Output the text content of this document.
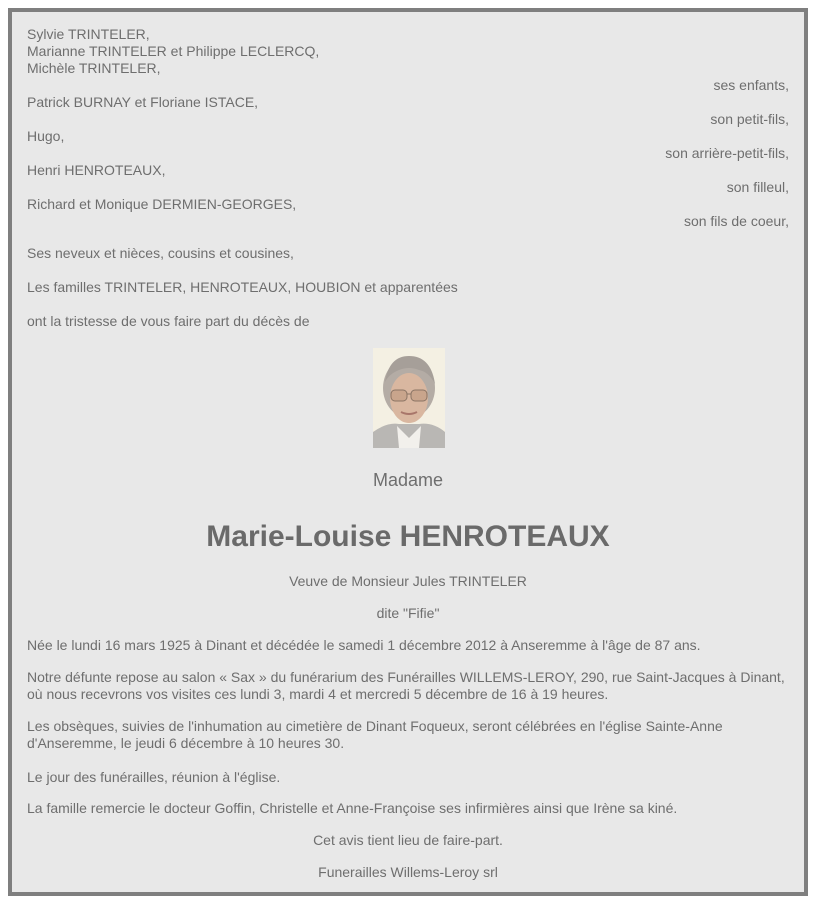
Sylvie TRINTELER,
Marianne TRINTELER et Philippe LECLERCQ,
Michèle TRINTELER,
ses enfants,
Patrick BURNAY et Floriane ISTACE,
son petit-fils,
Hugo,
son arrière-petit-fils,
Henri HENROTEAUX,
son filleul,
Richard et Monique DERMIEN-GEORGES,
son fils de coeur,
Ses neveux et nièces, cousins et cousines,
Les familles TRINTELER, HENROTEAUX, HOUBION et apparentées
ont la tristesse de vous faire part du décès de
Madame
Marie-Louise HENROTEAUX
Veuve de Monsieur Jules TRINTELER
dite "Fifie"
Née le lundi 16 mars 1925 à Dinant et décédée le samedi 1 décembre 2012 à Anseremme à l'âge de 87 ans.
Notre défunte repose au salon « Sax » du funérarium des Funérailles WILLEMS-LEROY, 290, rue Saint-Jacques à Dinant, où nous recevrons vos visites ces lundi 3, mardi 4 et mercredi 5 décembre de 16 à 19 heures.
Les obsèques, suivies de l'inhumation au cimetière de Dinant Foqueux, seront célébrées en l'église Sainte-Anne d'Anseremme, le jeudi 6 décembre à 10 heures 30.
Le jour des funérailles, réunion à l'église.
La famille remercie le docteur Goffin, Christelle et Anne-Françoise ses infirmières ainsi que Irène sa kiné.
Cet avis tient lieu de faire-part.
Funerailles Willems-Leroy srl
